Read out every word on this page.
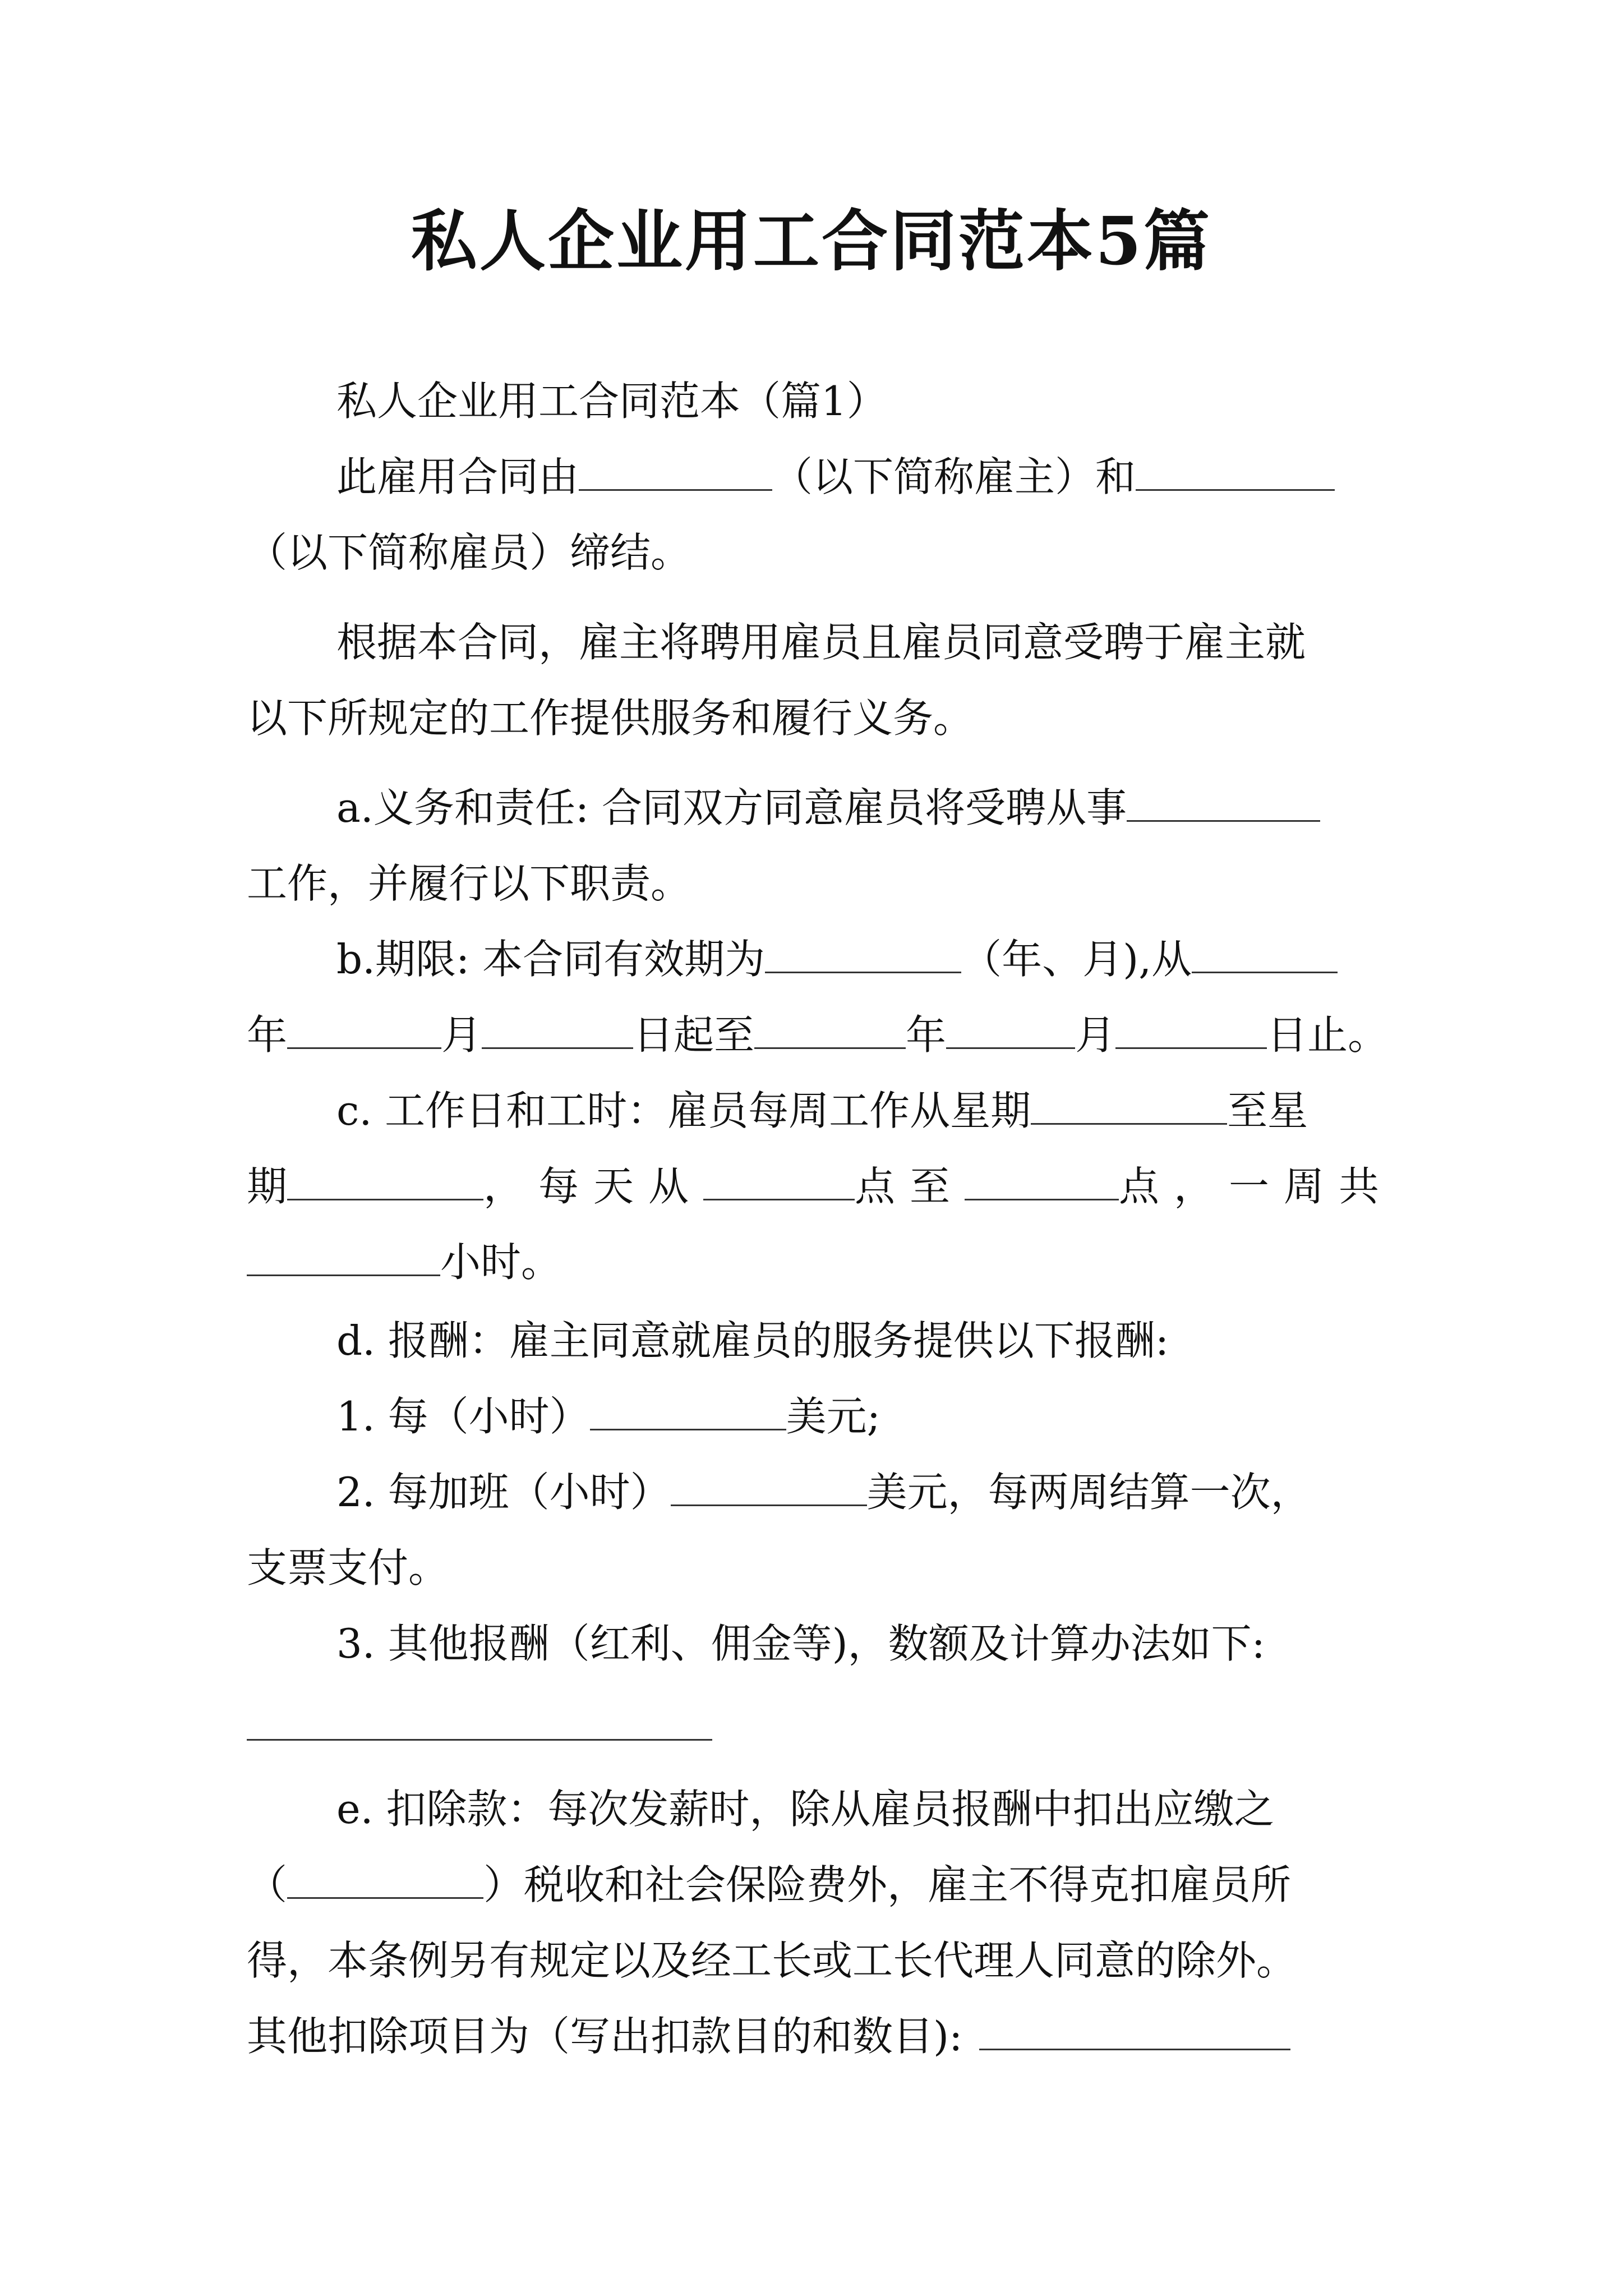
私人企业用工合同范本5篇

私人企业用工合同范本（篇1）

此雇用合同由	（以下简称雇主）和

（以下简称雇员）缔结。

根据本合同，雇主将聘用雇员且雇员同意受聘于雇主就

以下所规定的工作提供服务和履行义务。

a.义务和责任: 合同双方同意雇员将受聘从事

工作，并履行以下职责。

b.期限: 本合同有效期为	（年、月),从

年	月	日起至	年	月	日止。

c. 工作日和工时：雇员每周工作从星期	至星

期	，每天从	点至	点，一周共

小时。

d. 报酬：雇主同意就雇员的服务提供以下报酬:

1. 每（小时）	美元;

2. 每加班（小时）	美元，每两周结算一次，

支票支付。

3. 其他报酬（红利、佣金等)，数额及计算办法如下:

e. 扣除款：每次发薪时，除从雇员报酬中扣出应缴之

（	）税收和社会保险费外，雇主不得克扣雇员所

得，本条例另有规定以及经工长或工长代理人同意的除外。

其他扣除项目为（写出扣款目的和数目):
